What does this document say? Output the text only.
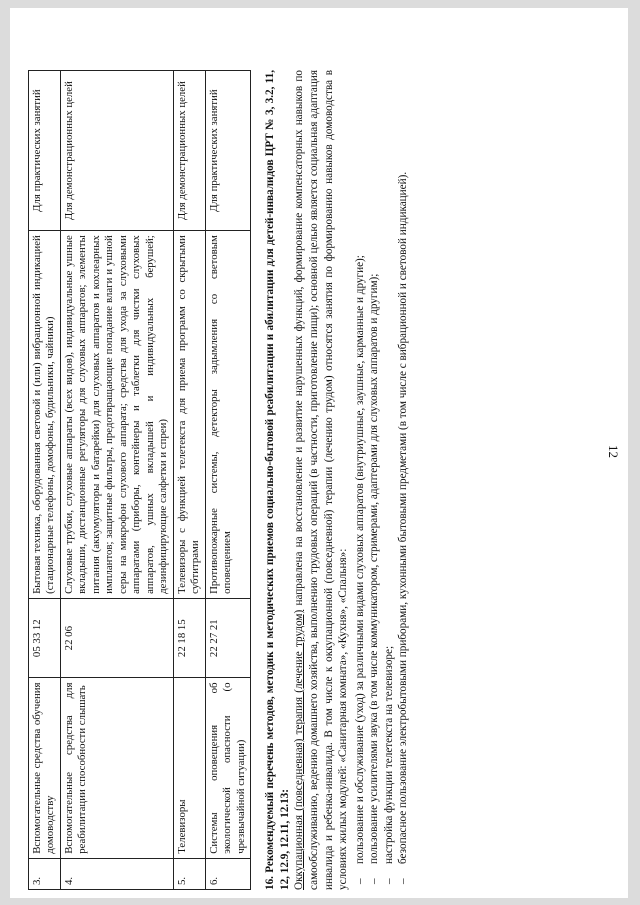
3.	Вспомогательные средства обучения домоводству	05 33 12	Бытовая техника, оборудованная световой и (или) вибрационной индикацией (стационарные телефоны, домофоны, будильники, чайники)	Для практических занятий
4.	Вспомогательные средства для реабилитации способности слышать	22 06	Слуховые трубки, слуховые аппараты (всех видов), индивидуальные ушные вкладыши, дистанционные регуляторы для слуховых аппаратов; элементы питания (аккумуляторы и батарейки) для слуховых аппаратов и кохлеарных имплантов; защитные фильтры, предотвращающие попадание влаги и ушной серы на микрофон слухового аппарата; средства для ухода за слуховыми аппаратами (приборы, контейнеры и таблетки для чистки слуховых аппаратов, ушных вкладышей и индивидуальных берушей; дезинфицирующие салфетки и спреи)	Для демонстрационных целей
5.	Телевизоры	22 18 15	Телевизоры с функцией телетекста для приема программ со скрытыми субтитрами	Для демонстрационных целей
6.	Системы оповещения об экологической опасности (о чрезвычайной ситуации)	22 27 21	Противопожарные системы, детекторы задымления со световым оповещением	Для практических занятий	16. Рекомендуемый перечень методов, методик и методических приемов социально-бытовой реабилитации и абилитации для детей-инвалидов ЦРТ № 3, 3.2, 11, 12, 12.9, 12.11, 12.13: Оккупационная (повседневная) терапия (лечение трудом) направлена на восстановление и развитие нарушенных функций, формирование компенсаторных навыков по самообслуживанию, ведению домашнего хозяйства, выполнению трудовых операций (в частности, приготовление пищи); основной целью является социальная адаптация инвалида и ребенка-инвалида. В том числе к оккупационной (повседневной) терапии (лечению трудом) относятся занятия по формированию навыков домоводства в условиях жилых модулей: «Санитарная комната», «Кухня», «Спальня»: – пользование и обслуживание (уход) за различными видами слуховых аппаратов (внутриушные, заушные, карманные и другие); – пользование усилителями звука (в том числе коммуникатором, стримерами, адаптерами для слуховых аппаратов и другим); – настройка функции телетекста на телевизоре; – безопасное пользование электробытовыми приборами, кухонными бытовыми предметами (в том числе с вибрационной и световой индикацией).	12
